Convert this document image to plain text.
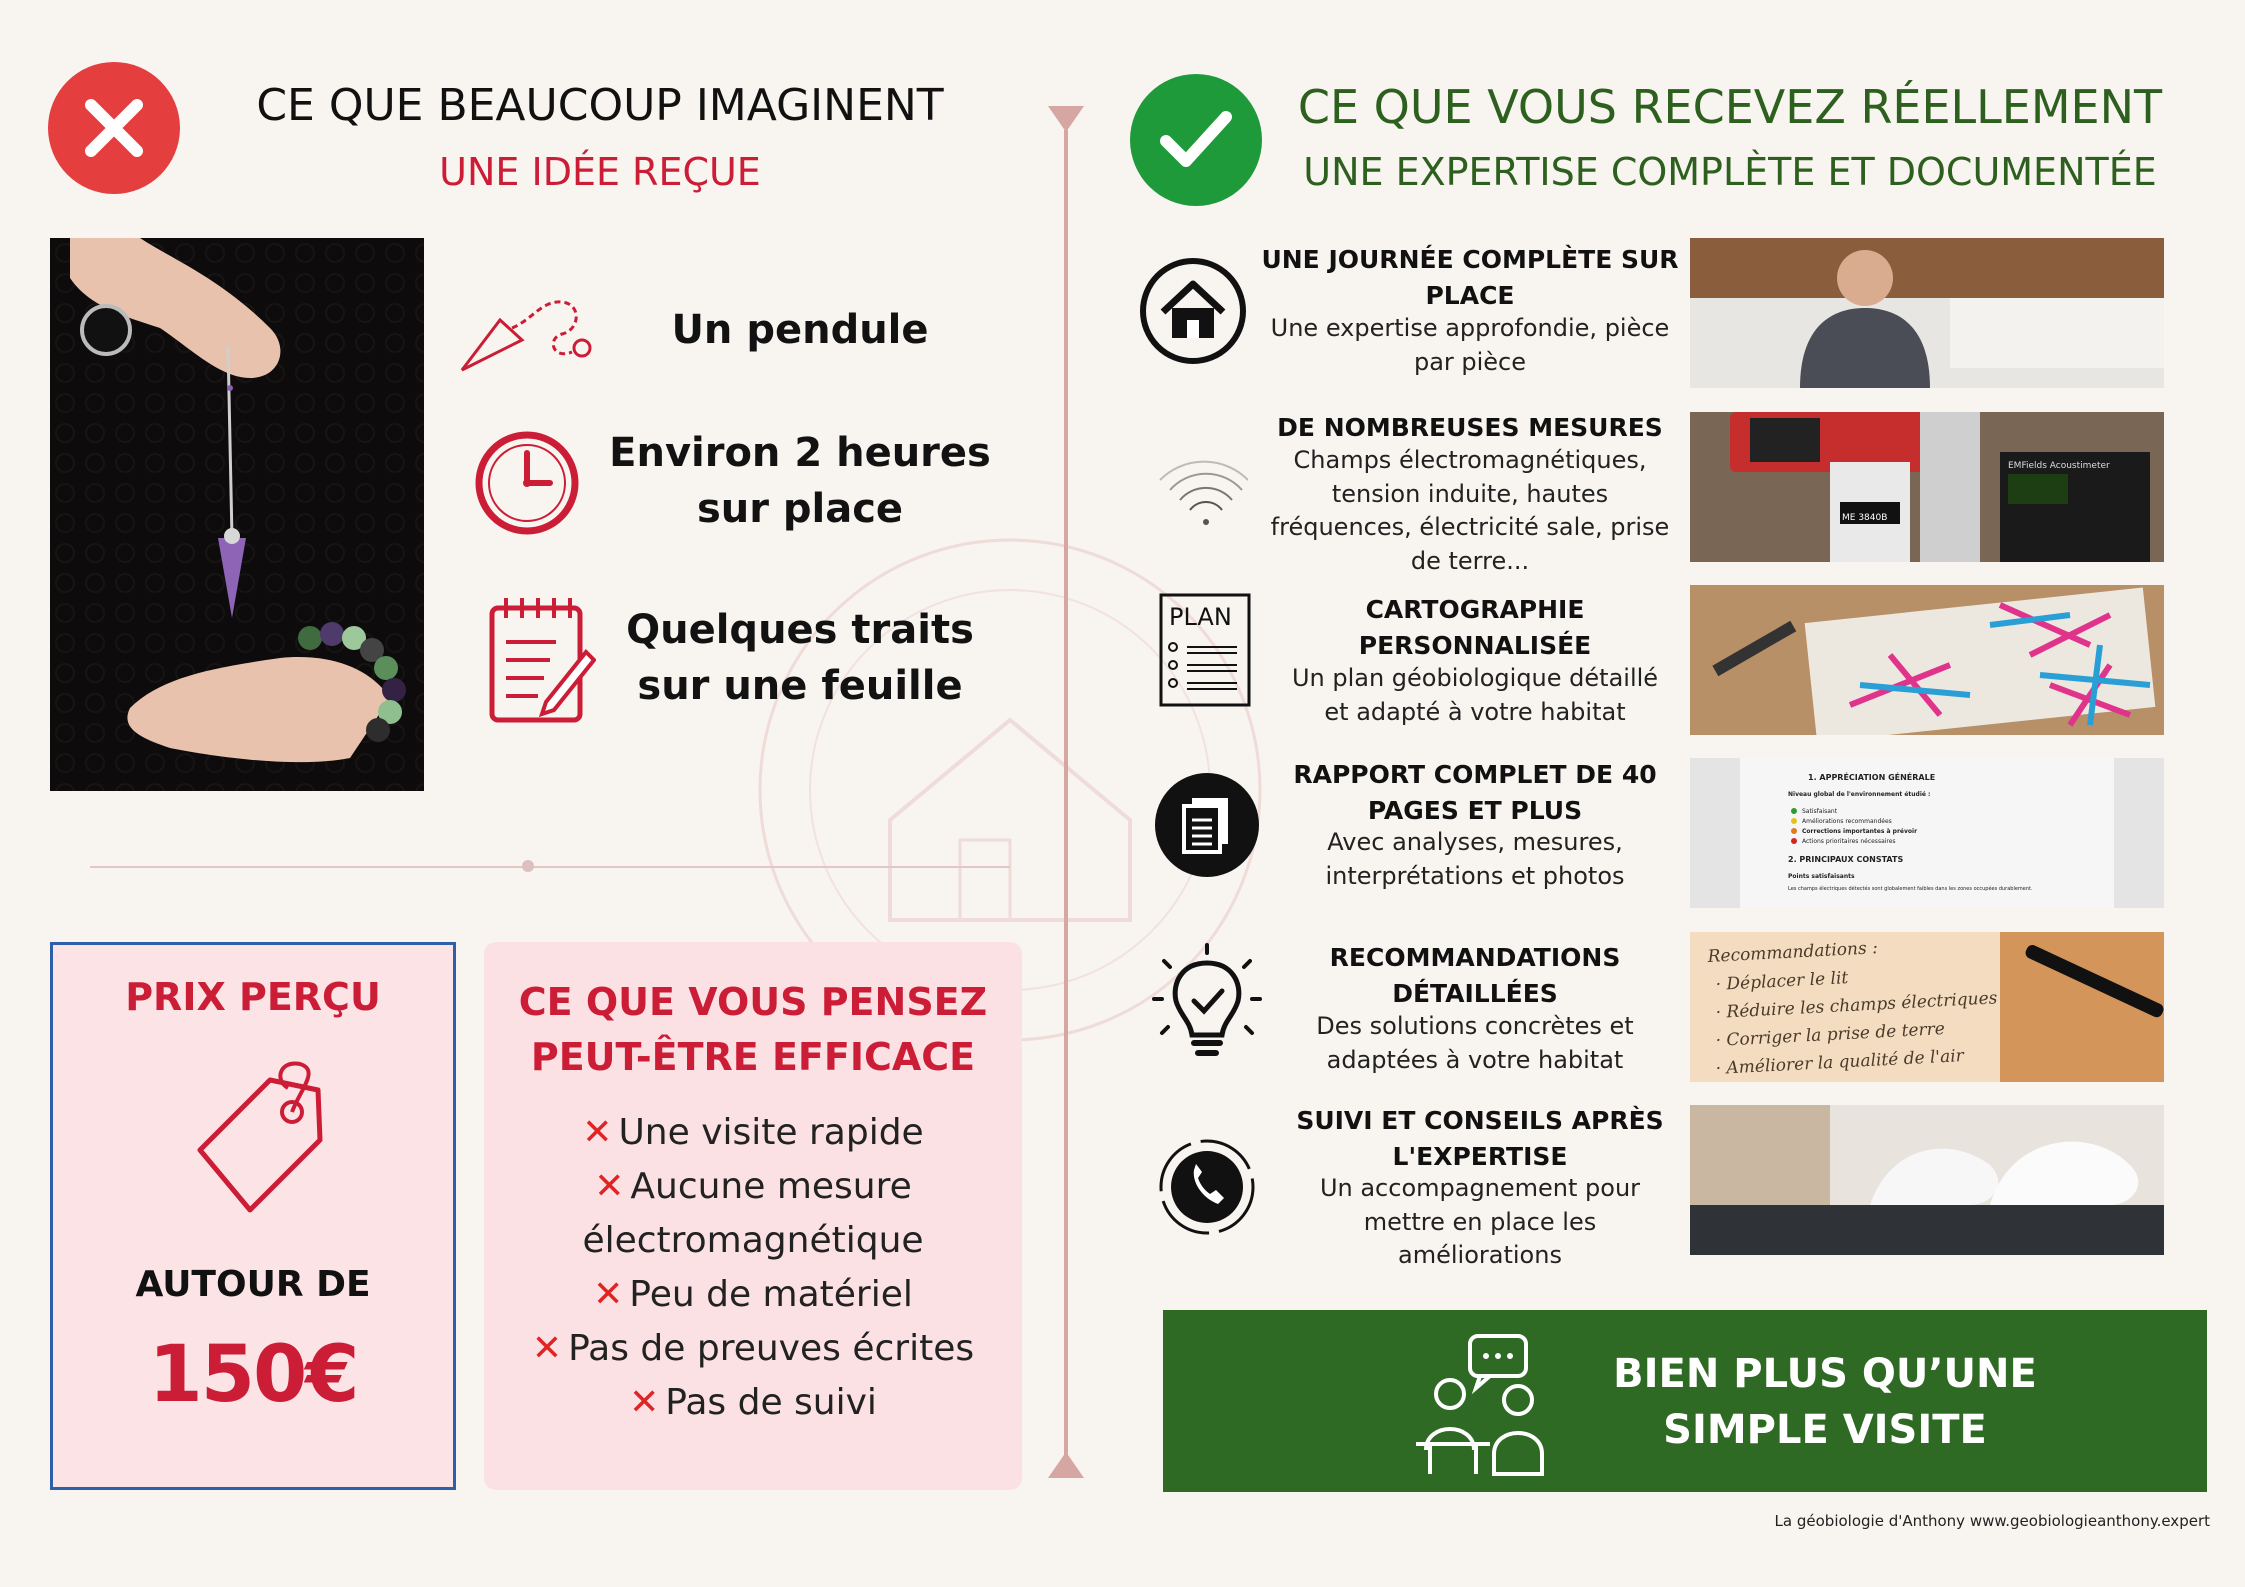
CE QUE BEAUCOUP IMAGINENT
UNE IDÉE REÇUE
CE QUE VOUS RECEVEZ RÉELLEMENT
UNE EXPERTISE COMPLÈTE ET DOCUMENTÉE
Un pendule
Environ 2 heures
sur place
Quelques traits
sur une feuille
PRIX PERÇU
AUTOUR DE
150€
CE QUE VOUS PENSEZ
PEUT-ÊTRE EFFICACE
✕ Une visite rapide
✕ Aucune mesure
électromagnétique
✕ Peu de matériel
✕ Pas de preuves écrites
✕ Pas de suivi
UNE JOURNÉE COMPLÈTE SUR
PLACE
Une expertise approfondie, pièce
par pièce
DE NOMBREUSES MESURES
Champs électromagnétiques,
tension induite, hautes
fréquences, électricité sale, prise
de terre...
ME 3840B
EMFields Acoustimeter
PLAN	CARTOGRAPHIE
PERSONNALISÉE
Un plan géobiologique détaillé
et adapté à votre habitat
RAPPORT COMPLET DE 40
PAGES ET PLUS
Avec analyses, mesures,
interprétations et photos
1. APPRÉCIATION GÉNÉRALE
Niveau global de l'environnement étudié :
Satisfaisant
Améliorations recommandées
Corrections importantes à prévoir
Actions prioritaires nécessaires
2. PRINCIPAUX CONSTATS
Points satisfaisants
Les champs électriques détectés sont globalement faibles dans les zones occupées durablement.
RECOMMANDATIONS
DÉTAILLÉES
Des solutions concrètes et
adaptées à votre habitat
Recommandations :
· Déplacer le lit
· Réduire les champs électriques
· Corriger la prise de terre
· Améliorer la qualité de l'air
SUIVI ET CONSEILS APRÈS
L'EXPERTISE
Un accompagnement pour
mettre en place les
améliorations
BIEN PLUS QU’UNE
SIMPLE VISITE
La géobiologie d'Anthony www.geobiologieanthony.expert
